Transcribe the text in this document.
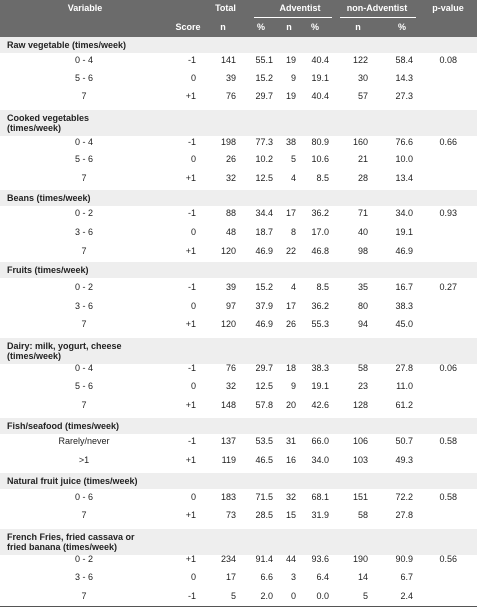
Variable	Total	Adventist	non-Adventist	p-value
Score	n	%	n	%	n	%
Raw vegetable (times/week)
0 - 4	-1	141	55.1	19	40.4	122	58.4	0.08
5 - 6	0	39	15.2	9	19.1	30	14.3
7	+1	76	29.7	19	40.4	57	27.3
Cooked vegetables
(times/week)
0 - 4	-1	198	77.3	38	80.9	160	76.6	0.66
5 - 6	0	26	10.2	5	10.6	21	10.0
7	+1	32	12.5	4	8.5	28	13.4
Beans (times/week)
0 - 2	-1	88	34.4	17	36.2	71	34.0	0.93
3 - 6	0	48	18.7	8	17.0	40	19.1
7	+1	120	46.9	22	46.8	98	46.9
Fruits (times/week)
0 - 2	-1	39	15.2	4	8.5	35	16.7	0.27
3 - 6	0	97	37.9	17	36.2	80	38.3
7	+1	120	46.9	26	55.3	94	45.0
Dairy: milk, yogurt, cheese
(times/week)
0 - 4	-1	76	29.7	18	38.3	58	27.8	0.06
5 - 6	0	32	12.5	9	19.1	23	11.0
7	+1	148	57.8	20	42.6	128	61.2
Fish/seafood (times/week)
Rarely/never	-1	137	53.5	31	66.0	106	50.7	0.58
>1	+1	119	46.5	16	34.0	103	49.3
Natural fruit juice (times/week)
0 - 6	0	183	71.5	32	68.1	151	72.2	0.58
7	+1	73	28.5	15	31.9	58	27.8
French Fries, fried cassava or
fried banana (times/week)
0 - 2	+1	234	91.4	44	93.6	190	90.9	0.56
3 - 6	0	17	6.6	3	6.4	14	6.7
7	-1	5	2.0	0	0.0	5	2.4
